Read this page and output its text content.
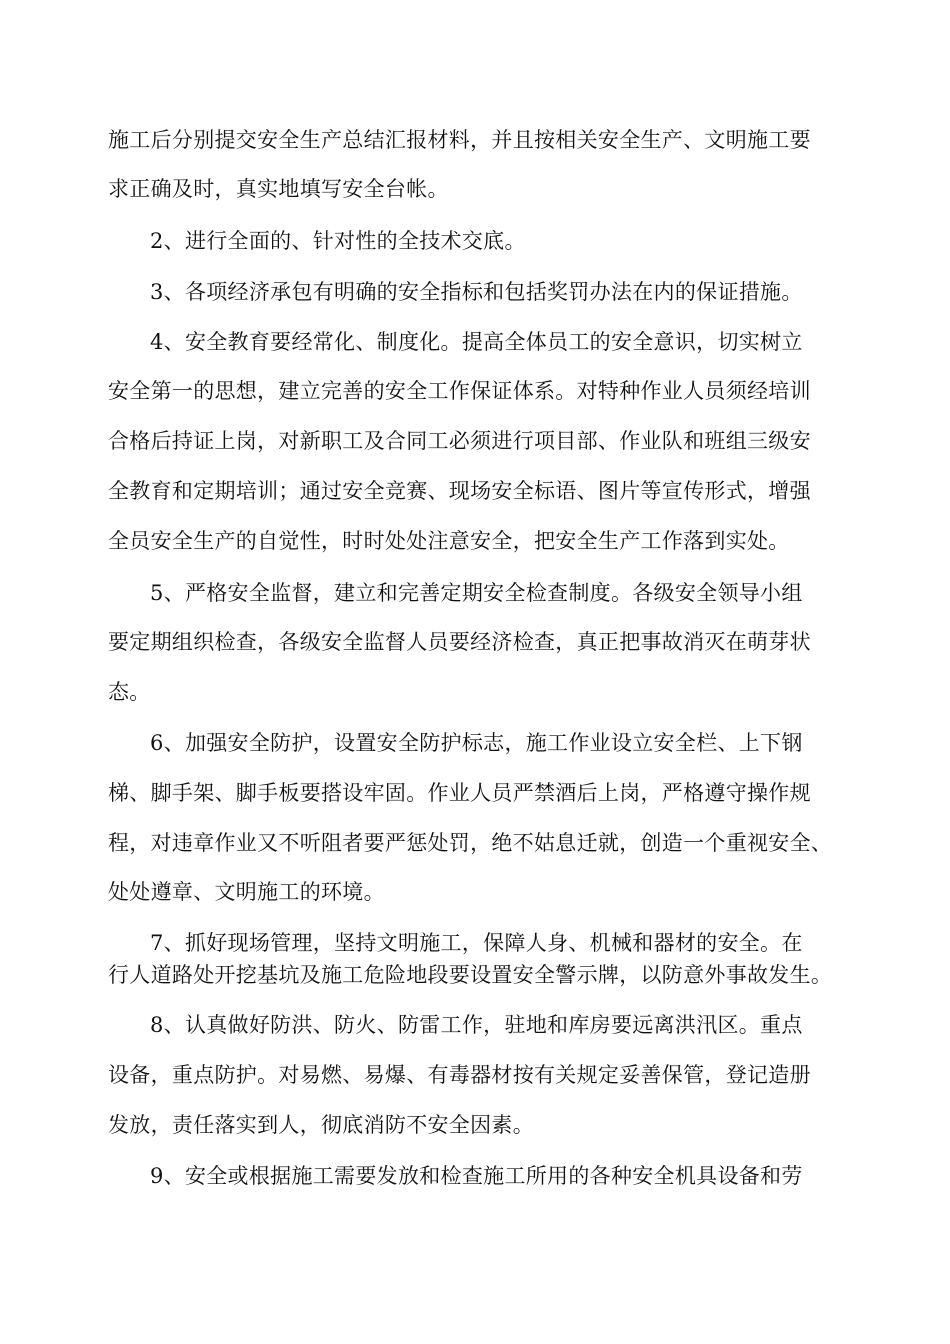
施工后分别提交安全生产总结汇报材料，并且按相关安全生产、文明施工要
求正确及时，真实地填写安全台帐。
2、进行全面的、针对性的全技术交底。
3、各项经济承包有明确的安全指标和包括奖罚办法在内的保证措施。
4、安全教育要经常化、制度化。提高全体员工的安全意识，切实树立
安全第一的思想，建立完善的安全工作保证体系。对特种作业人员须经培训
合格后持证上岗，对新职工及合同工必须进行项目部、作业队和班组三级安
全教育和定期培训；通过安全竞赛、现场安全标语、图片等宣传形式，增强
全员安全生产的自觉性，时时处处注意安全，把安全生产工作落到实处。
5、严格安全监督，建立和完善定期安全检查制度。各级安全领导小组
要定期组织检查，各级安全监督人员要经济检查，真正把事故消灭在萌芽状
态。
6、加强安全防护，设置安全防护标志，施工作业设立安全栏、上下钢
梯、脚手架、脚手板要搭设牢固。作业人员严禁酒后上岗，严格遵守操作规
程，对违章作业又不听阻者要严惩处罚，绝不姑息迁就，创造一个重视安全、
处处遵章、文明施工的环境。
7、抓好现场管理，坚持文明施工，保障人身、机械和器材的安全。在
行人道路处开挖基坑及施工危险地段要设置安全警示牌，以防意外事故发生。
8、认真做好防洪、防火、防雷工作，驻地和库房要远离洪汛区。重点
设备，重点防护。对易燃、易爆、有毒器材按有关规定妥善保管，登记造册
发放，责任落实到人，彻底消防不安全因素。
9、安全或根据施工需要发放和检查施工所用的各种安全机具设备和劳
